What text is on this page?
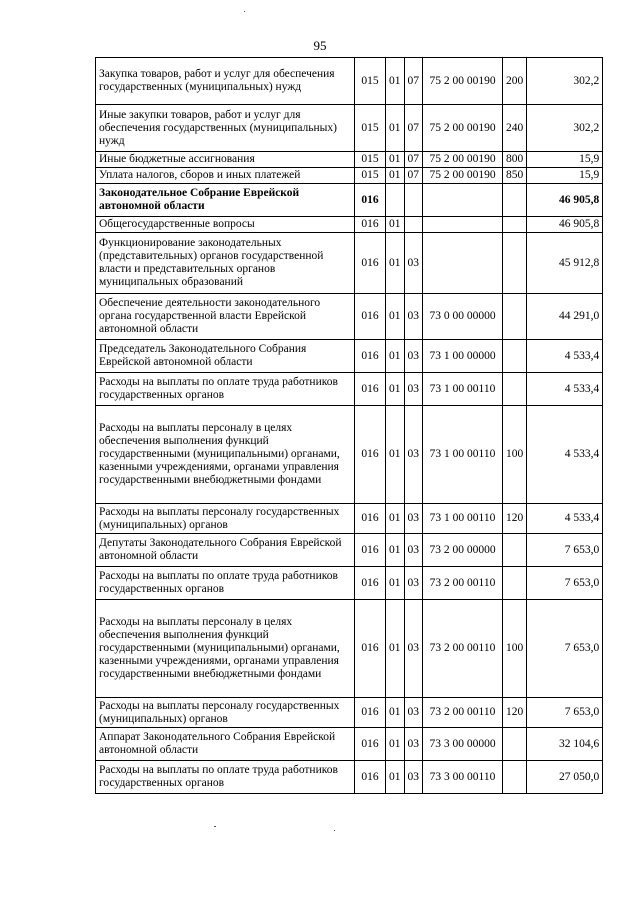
95
Закупка товаров, работ и услуг для обеспечения государственных (муниципальных) нужд	015	01	07	75 2 00 00190	200	302,2
Иные закупки товаров, работ и услуг для обеспечения государственных (муниципальных) нужд	015	01	07	75 2 00 00190	240	302,2
Иные бюджетные ассигнования	015	01	07	75 2 00 00190	800	15,9
Уплата налогов, сборов и иных платежей	015	01	07	75 2 00 00190	850	15,9
Законодательное Собрание Еврейской автономной области	016					46 905,8
Общегосударственные вопросы	016	01				46 905,8
Функционирование законодательных (представительных) органов государственной власти и представительных органов муниципальных образований	016	01	03			45 912,8
Обеспечение деятельности законодательного органа государственной власти Еврейской автономной области	016	01	03	73 0 00 00000		44 291,0
Председатель Законодательного Собрания Еврейской автономной области	016	01	03	73 1 00 00000		4 533,4
Расходы на выплаты по оплате труда работников государственных органов	016	01	03	73 1 00 00110		4 533,4
Расходы на выплаты персоналу в целях обеспечения выполнения функций государственными (муниципальными) органами, казенными учреждениями, органами управления государственными внебюджетными фондами	016	01	03	73 1 00 00110	100	4 533,4
Расходы на выплаты персоналу государственных (муниципальных) органов	016	01	03	73 1 00 00110	120	4 533,4
Депутаты Законодательного Собрания Еврейской автономной области	016	01	03	73 2 00 00000		7 653,0
Расходы на выплаты по оплате труда работников государственных органов	016	01	03	73 2 00 00110		7 653,0
Расходы на выплаты персоналу в целях обеспечения выполнения функций государственными (муниципальными) органами, казенными учреждениями, органами управления государственными внебюджетными фондами	016	01	03	73 2 00 00110	100	7 653,0
Расходы на выплаты персоналу государственных (муниципальных) органов	016	01	03	73 2 00 00110	120	7 653,0
Аппарат Законодательного Собрания Еврейской автономной области	016	01	03	73 3 00 00000		32 104,6
Расходы на выплаты по оплате труда работников государственных органов	016	01	03	73 3 00 00110		27 050,0
